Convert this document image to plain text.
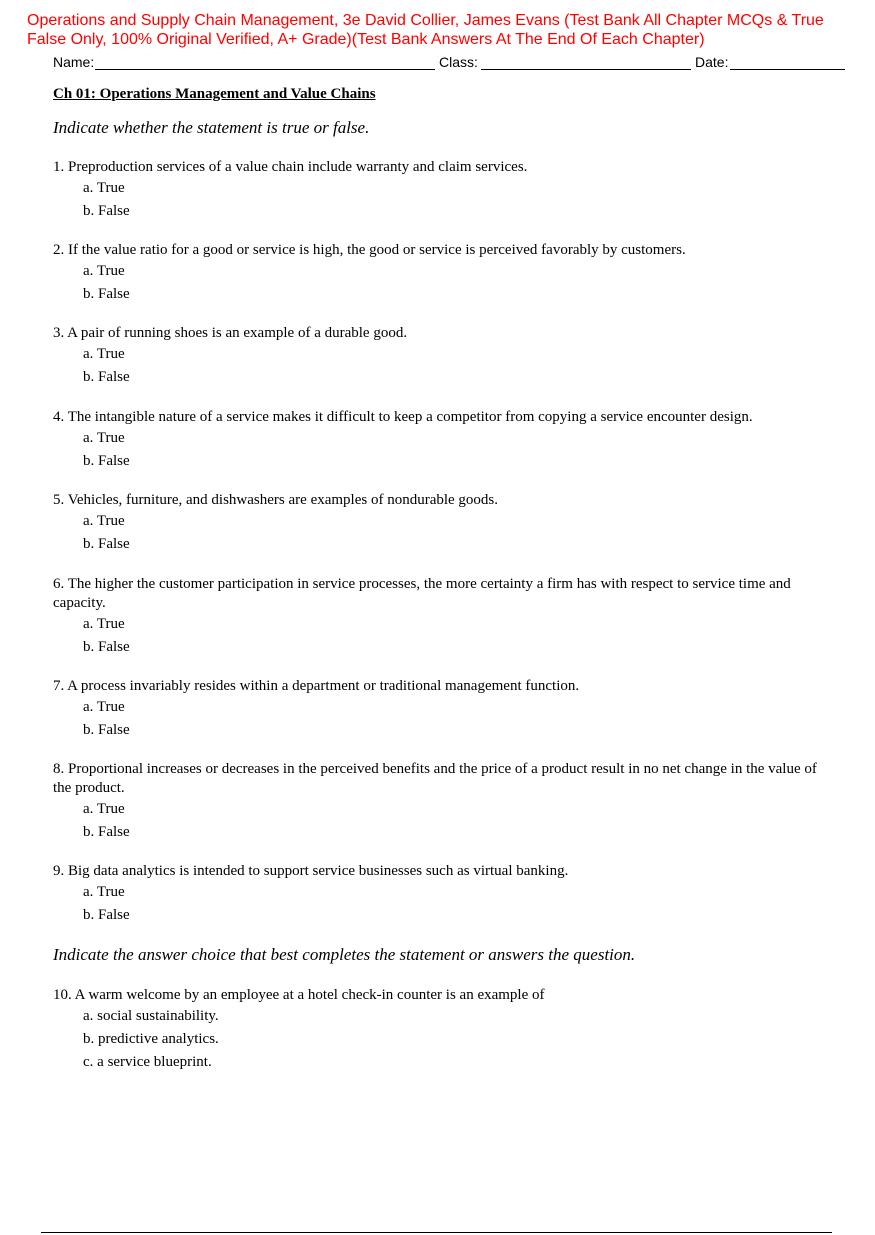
Operations and Supply Chain Management, 3e David Collier, James Evans (Test Bank All Chapter MCQs & True False Only, 100% Original Verified, A+ Grade)(Test Bank Answers At The End Of Each Chapter)
Name:	Class:	Date:
Ch 01: Operations Management and Value Chains
Indicate whether the statement is true or false.
1. Preproduction services of a value chain include warranty and claim services.
a. True
b. False
2. If the value ratio for a good or service is high, the good or service is perceived favorably by customers.
a. True
b. False
3. A pair of running shoes is an example of a durable good.
a. True
b. False
4. The intangible nature of a service makes it difficult to keep a competitor from copying a service encounter design.
a. True
b. False
5. Vehicles, furniture, and dishwashers are examples of nondurable goods.
a. True
b. False
6. The higher the customer participation in service processes, the more certainty a firm has with respect to service time and capacity.
a. True
b. False
7. A process invariably resides within a department or traditional management function.
a. True
b. False
8. Proportional increases or decreases in the perceived benefits and the price of a product result in no net change in the value of the product.
a. True
b. False
9. Big data analytics is intended to support service businesses such as virtual banking.
a. True
b. False
Indicate the answer choice that best completes the statement or answers the question.
10. A warm welcome by an employee at a hotel check-in counter is an example of
a. social sustainability.
b. predictive analytics.
c. a service blueprint.
